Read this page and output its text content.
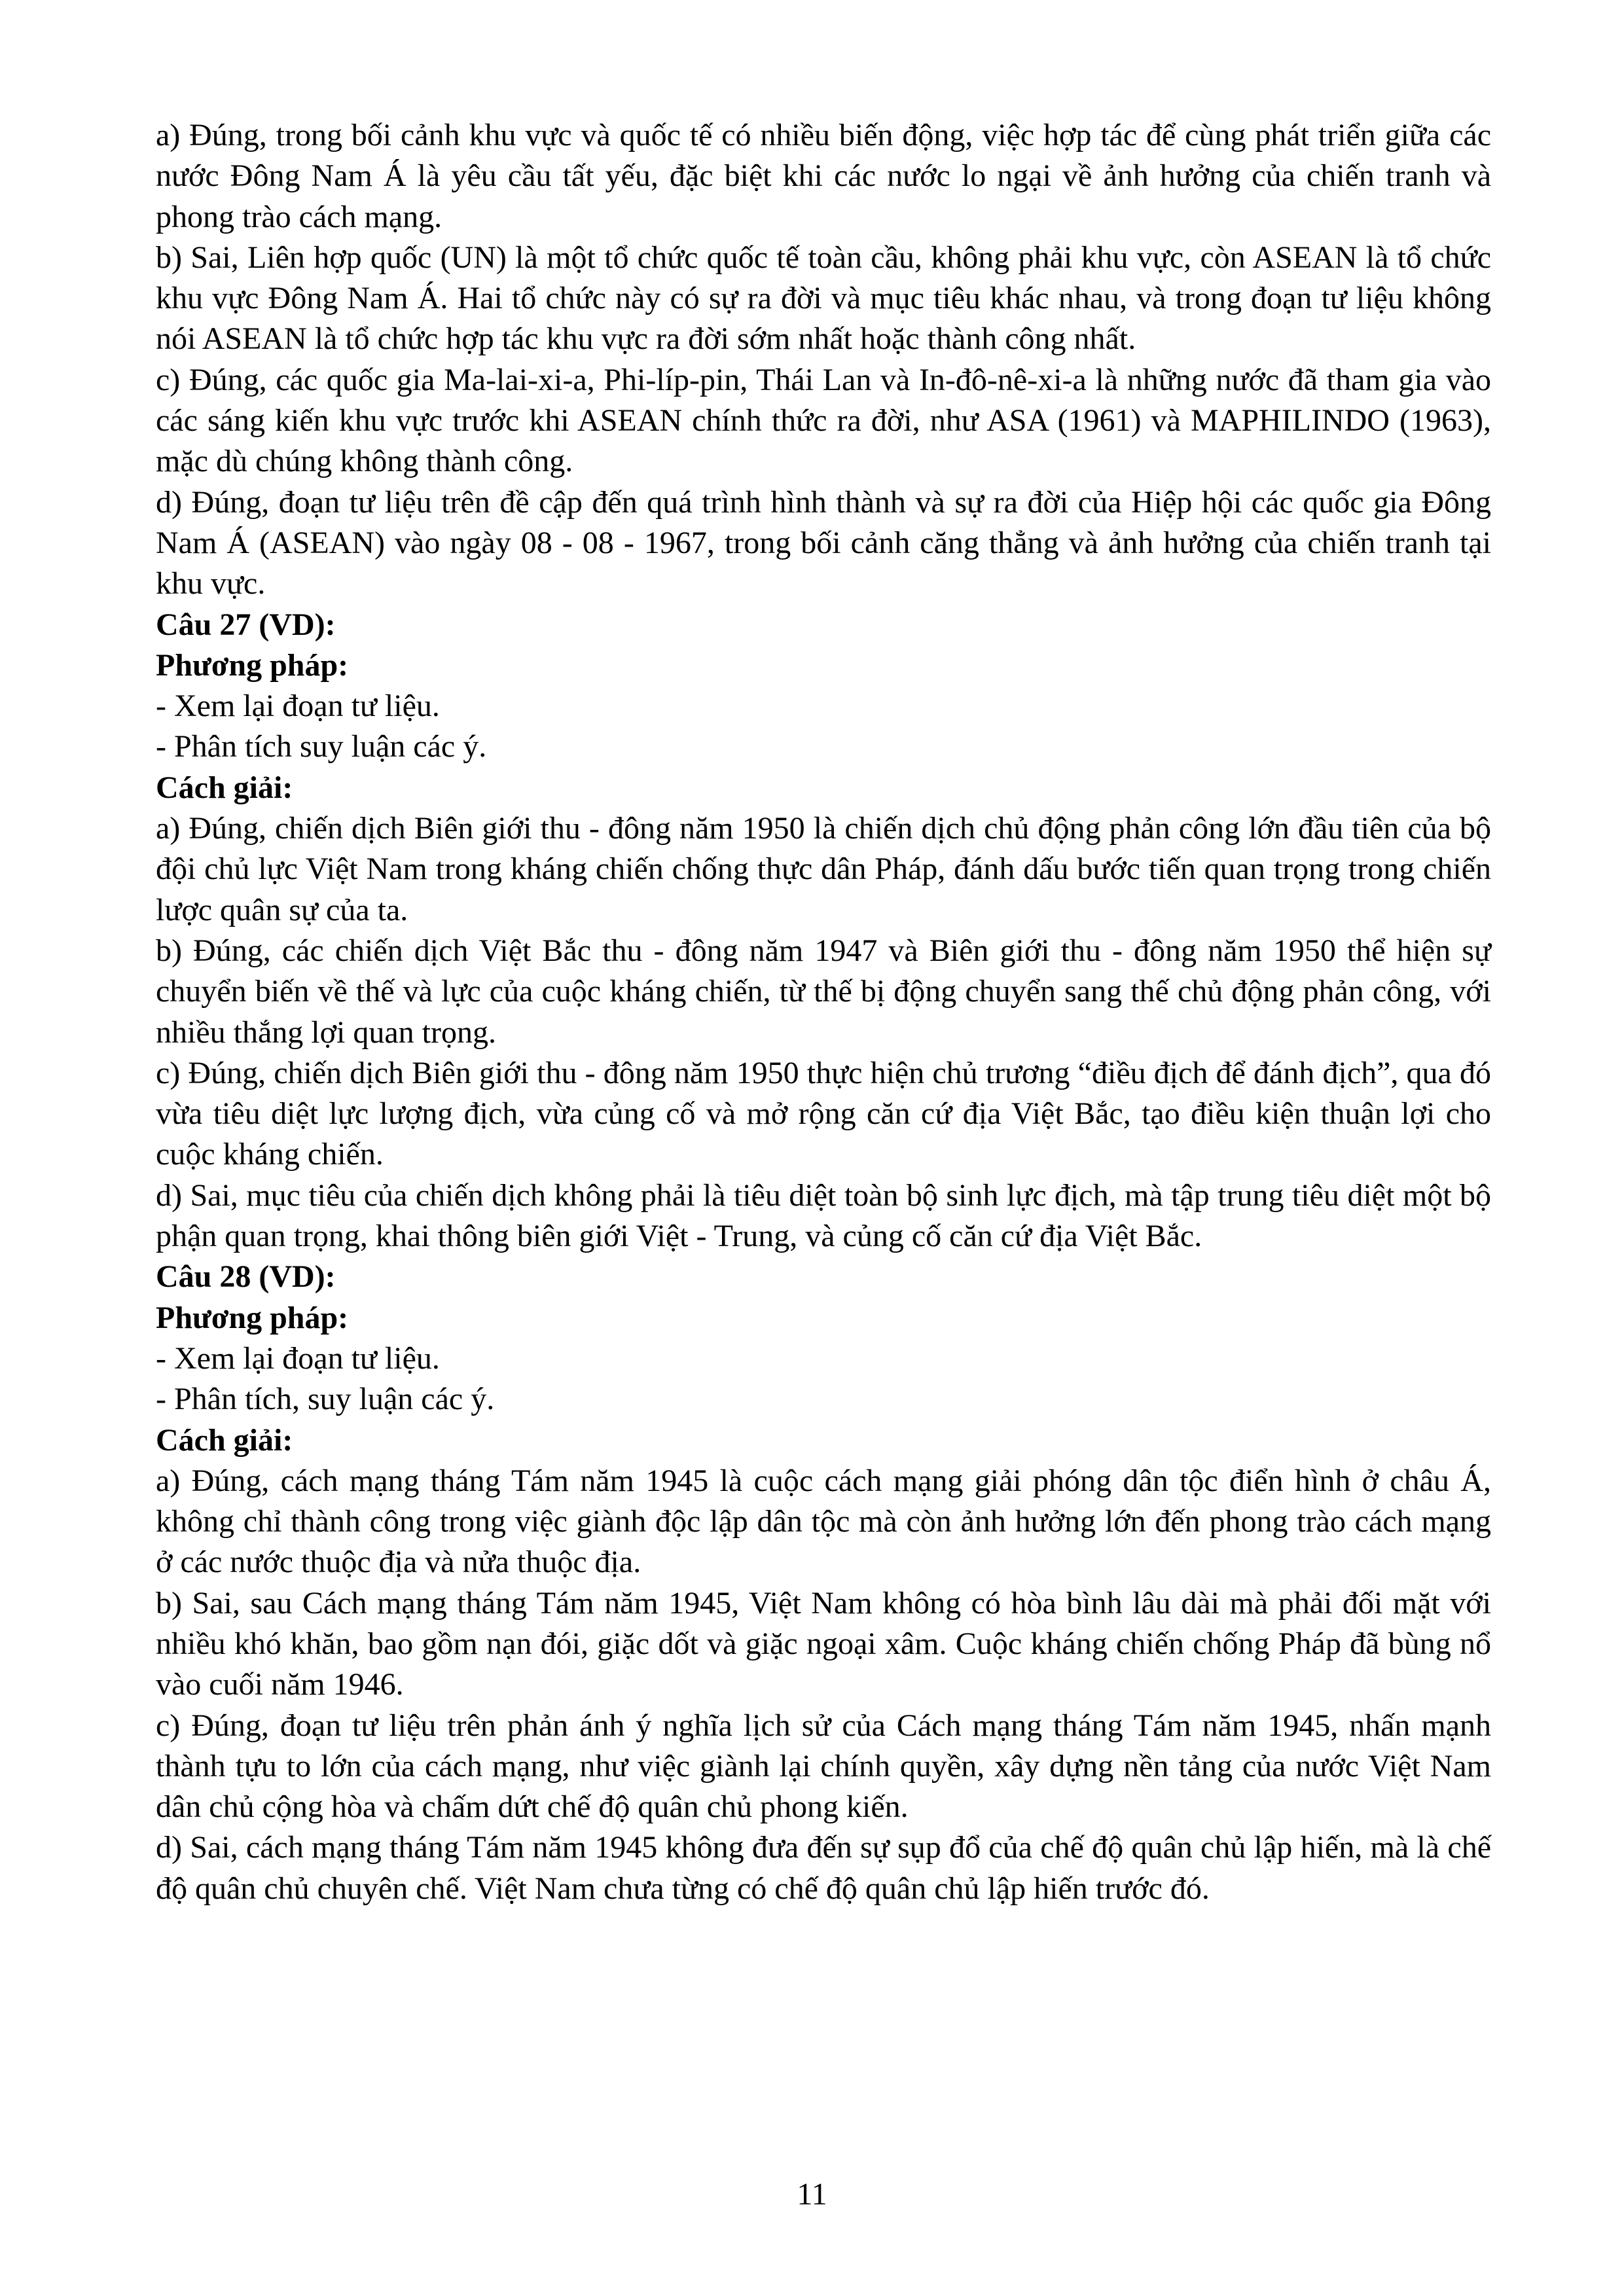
a) Đúng, trong bối cảnh khu vực và quốc tế có nhiều biến động, việc hợp tác để cùng phát triển giữa các nước Đông Nam Á là yêu cầu tất yếu, đặc biệt khi các nước lo ngại về ảnh hưởng của chiến tranh và phong trào cách mạng.

b) Sai, Liên hợp quốc (UN) là một tổ chức quốc tế toàn cầu, không phải khu vực, còn ASEAN là tổ chức khu vực Đông Nam Á. Hai tổ chức này có sự ra đời và mục tiêu khác nhau, và trong đoạn tư liệu không nói ASEAN là tổ chức hợp tác khu vực ra đời sớm nhất hoặc thành công nhất.

c) Đúng, các quốc gia Ma-lai-xi-a, Phi-líp-pin, Thái Lan và In-đô-nê-xi-a là những nước đã tham gia vào các sáng kiến khu vực trước khi ASEAN chính thức ra đời, như ASA (1961) và MAPHILINDO (1963), mặc dù chúng không thành công.

d) Đúng, đoạn tư liệu trên đề cập đến quá trình hình thành và sự ra đời của Hiệp hội các quốc gia Đông Nam Á (ASEAN) vào ngày 08 - 08 - 1967, trong bối cảnh căng thẳng và ảnh hưởng của chiến tranh tại khu vực.

Câu 27 (VD):

Phương pháp:

- Xem lại đoạn tư liệu.

- Phân tích suy luận các ý.

Cách giải:

a) Đúng, chiến dịch Biên giới thu - đông năm 1950 là chiến dịch chủ động phản công lớn đầu tiên của bộ đội chủ lực Việt Nam trong kháng chiến chống thực dân Pháp, đánh dấu bước tiến quan trọng trong chiến lược quân sự của ta.

b) Đúng, các chiến dịch Việt Bắc thu - đông năm 1947 và Biên giới thu - đông năm 1950 thể hiện sự chuyển biến về thế và lực của cuộc kháng chiến, từ thế bị động chuyển sang thế chủ động phản công, với nhiều thắng lợi quan trọng.

c) Đúng, chiến dịch Biên giới thu - đông năm 1950 thực hiện chủ trương “điều địch để đánh địch”, qua đó vừa tiêu diệt lực lượng địch, vừa củng cố và mở rộng căn cứ địa Việt Bắc, tạo điều kiện thuận lợi cho cuộc kháng chiến.

d) Sai, mục tiêu của chiến dịch không phải là tiêu diệt toàn bộ sinh lực địch, mà tập trung tiêu diệt một bộ phận quan trọng, khai thông biên giới Việt - Trung, và củng cố căn cứ địa Việt Bắc.

Câu 28 (VD):

Phương pháp:

- Xem lại đoạn tư liệu.

- Phân tích, suy luận các ý.

Cách giải:

a) Đúng, cách mạng tháng Tám năm 1945 là cuộc cách mạng giải phóng dân tộc điển hình ở châu Á, không chỉ thành công trong việc giành độc lập dân tộc mà còn ảnh hưởng lớn đến phong trào cách mạng ở các nước thuộc địa và nửa thuộc địa.

b) Sai, sau Cách mạng tháng Tám năm 1945, Việt Nam không có hòa bình lâu dài mà phải đối mặt với nhiều khó khăn, bao gồm nạn đói, giặc dốt và giặc ngoại xâm. Cuộc kháng chiến chống Pháp đã bùng nổ vào cuối năm 1946.

c) Đúng, đoạn tư liệu trên phản ánh ý nghĩa lịch sử của Cách mạng tháng Tám năm 1945, nhấn mạnh thành tựu to lớn của cách mạng, như việc giành lại chính quyền, xây dựng nền tảng của nước Việt Nam dân chủ cộng hòa và chấm dứt chế độ quân chủ phong kiến.

d) Sai, cách mạng tháng Tám năm 1945 không đưa đến sự sụp đổ của chế độ quân chủ lập hiến, mà là chế độ quân chủ chuyên chế. Việt Nam chưa từng có chế độ quân chủ lập hiến trước đó.

11
